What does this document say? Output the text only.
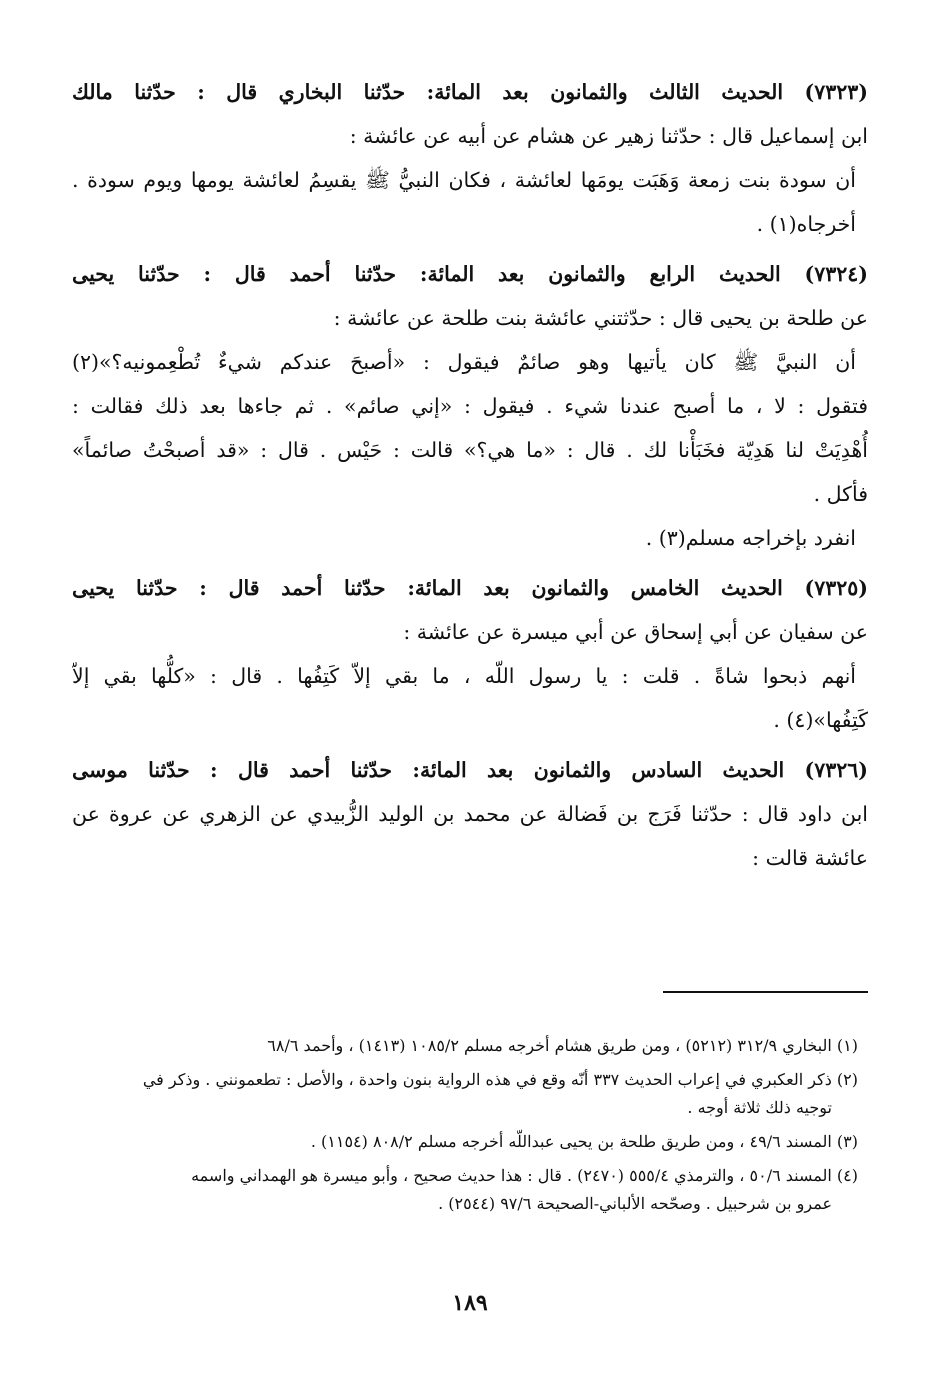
(٧٣٢٣) الحديث الثالث والثمانون بعد المائة: حدّثنا البخاري قال : حدّثنا مالك
ابن إسماعيل قال : حدّثنا زهير عن هشام عن أبيه عن عائشة :
أن سودة بنت زمعة وَهَبَت يومَها لعائشة ، فكان النبيُّ ﷺ يقسِمُ لعائشة يومها ويوم سودة .
أخرجاه(١) .
(٧٣٢٤) الحديث الرابع والثمانون بعد المائة: حدّثنا أحمد قال : حدّثنا يحيى
عن طلحة بن يحيى قال : حدّثتني عائشة بنت طلحة عن عائشة :
أن النبيَّ ﷺ كان يأتيها وهو صائمٌ فيقول : «أصبحَ عندكم شيءٌ تُطْعِمونيه؟»(٢)
فتقول : لا ، ما أصبح عندنا شيء . فيقول : «إني صائم» . ثم جاءها بعد ذلك فقالت :
أُهْدِيَتْ لنا هَدِيّة فخَبَأْنا لك . قال : «ما هي؟» قالت : حَيْس . قال : «قد أصبحْتُ صائماً»
فأكل .
انفرد بإخراجه مسلم(٣) .
(٧٣٢٥) الحديث الخامس والثمانون بعد المائة: حدّثنا أحمد قال : حدّثنا يحيى
عن سفيان عن أبي إسحاق عن أبي ميسرة عن عائشة :
أنهم ذبحوا شاةً . قلت : يا رسول اللّه ، ما بقي إلاّ كَتِفُها . قال : «كلُّها بقي إلاّ
كَتِفُها»(٤) .
(٧٣٢٦) الحديث السادس والثمانون بعد المائة: حدّثنا أحمد قال : حدّثنا موسى
ابن داود قال : حدّثنا فَرَج بن فَضالة عن محمد بن الوليد الزُّبيدي عن الزهري عن عروة عن
عائشة قالت :
(١) البخاري ٣١٢/٩ (٥٢١٢) ، ومن طريق هشام أخرجه مسلم ١٠٨٥/٢ (١٤١٣) ، وأحمد ٦٨/٦
(٢) ذكر العكبري في إعراب الحديث ٣٣٧ أنّه وقع في هذه الرواية بنون واحدة ، والأصل : تطعمونني . وذكر في
توجيه ذلك ثلاثة أوجه .
(٣) المسند ٤٩/٦ ، ومن طريق طلحة بن يحيى عبداللّه أخرجه مسلم ٨٠٨/٢ (١١٥٤) .
(٤) المسند ٥٠/٦ ، والترمذي ٥٥٥/٤ (٢٤٧٠) . قال : هذا حديث صحيح ، وأبو ميسرة هو الهمداني واسمه
عمرو بن شرحبيل . وصحّحه الألباني-الصحيحة ٩٧/٦ (٢٥٤٤) .
١٨٩
